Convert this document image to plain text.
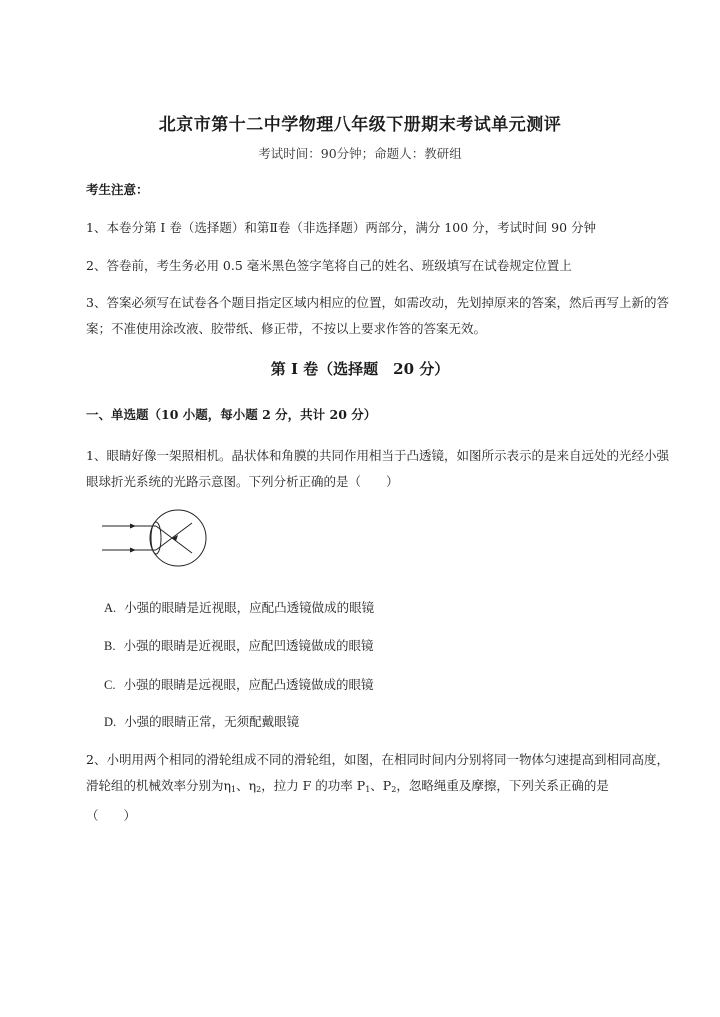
北京市第十二中学物理八年级下册期末考试单元测评
考试时间：90分钟；命题人：教研组
考生注意：
1、本卷分第 I 卷（选择题）和第Ⅱ卷（非选择题）两部分，满分 100 分，考试时间 90 分钟
2、答卷前，考生务必用 0.5 毫米黑色签字笔将自己的姓名、班级填写在试卷规定位置上
3、答案必须写在试卷各个题目指定区域内相应的位置，如需改动，先划掉原来的答案，然后再写上新的答案；不准使用涂改液、胶带纸、修正带，不按以上要求作答的答案无效。
第 I 卷（选择题　20 分）
一、单选题（10 小题，每小题 2 分，共计 20 分）
1、眼睛好像一架照相机。晶状体和角膜的共同作用相当于凸透镜，如图所示表示的是来自远处的光经小强眼球折光系统的光路示意图。下列分析正确的是（　　）
A. 小强的眼睛是近视眼，应配凸透镜做成的眼镜
B. 小强的眼睛是近视眼，应配凹透镜做成的眼镜
C. 小强的眼睛是远视眼，应配凸透镜做成的眼镜
D. 小强的眼睛正常，无须配戴眼镜
2、小明用两个相同的滑轮组成不同的滑轮组，如图，在相同时间内分别将同一物体匀速提高到相同高度，滑轮组的机械效率分别为$\eta_1$、$\eta_2$，拉力 F 的功率 $P_1$、$P_2$，忽略绳重及摩擦，下列关系正确的是
（　　）
